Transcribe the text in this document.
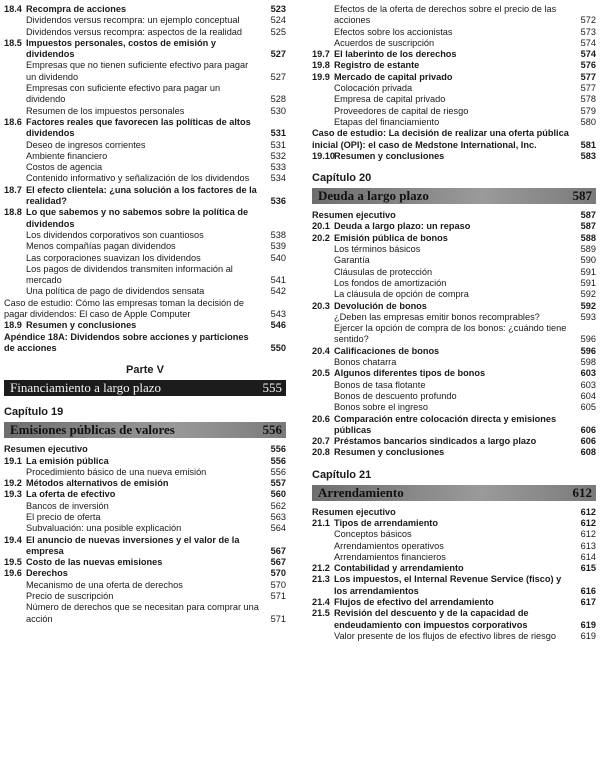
18.4 Recompra de acciones	523
Dividendos versus recompra: un ejemplo conceptual	524
Dividendos versus recompra: aspectos de la realidad	525
18.5 Impuestos personales, costos de emisión y dividendos	527
Empresas que no tienen suficiente efectivo para pagar un dividendo	527
Empresas con suficiente efectivo para pagar un dividendo	528
Resumen de los impuestos personales	530
18.6 Factores reales que favorecen las políticas de altos dividendos	531
Deseo de ingresos corrientes	531
Ambiente financiero	532
Costos de agencia	533
Contenido informativo y señalización de los dividendos	534
18.7 El efecto clientela: ¿una solución a los factores de la realidad?	536
18.8 Lo que sabemos y no sabemos sobre la política de dividendos
Los dividendos corporativos son cuantiosos	538
Menos compañías pagan dividendos	539
Las corporaciones suavizan los dividendos	540
Los pagos de dividendos transmiten información al mercado	541
Una política de pago de dividendos sensata	542
Caso de estudio: Cómo las empresas toman la decisión de pagar dividendos: El caso de Apple Computer	543
18.9 Resumen y conclusiones	546
Apéndice 18A: Dividendos sobre acciones y particiones de acciones	550
Parte V
Financiamiento a largo plazo	555
Capítulo 19
Emisiones públicas de valores	556
Resumen ejecutivo	556
19.1 La emisión pública	556
Procedimiento básico de una nueva emisión	556
19.2 Métodos alternativos de emisión	557
19.3 La oferta de efectivo	560
Bancos de inversión	562
El precio de oferta	563
Subvaluación: una posible explicación	564
19.4 El anuncio de nuevas inversiones y el valor de la empresa	567
19.5 Costo de las nuevas emisiones	567
19.6 Derechos	570
Mecanismo de una oferta de derechos	570
Precio de suscripción	571
Número de derechos que se necesitan para comprar una acción	571
Efectos de la oferta de derechos sobre el precio de las acciones	572
Efectos sobre los accionistas	573
Acuerdos de suscripción	574
19.7 El laberinto de los derechos	574
19.8 Registro de estante	576
19.9 Mercado de capital privado	577
Colocación privada	577
Empresa de capital privado	578
Proveedores de capital de riesgo	579
Etapas del financiamiento	580
Caso de estudio: La decisión de realizar una oferta pública inicial (OPI): el caso de Medstone International, Inc.	581
19.10 Resumen y conclusiones	583
Capítulo 20
Deuda a largo plazo	587
Resumen ejecutivo	587
20.1 Deuda a largo plazo: un repaso	587
20.2 Emisión pública de bonos	588
Los términos básicos	589
Garantía	590
Cláusulas de protección	591
Los fondos de amortización	591
La cláusula de opción de compra	592
20.3 Devolución de bonos	592
¿Deben las empresas emitir bonos recomprables?	593
Ejercer la opción de compra de los bonos: ¿cuándo tiene sentido?	596
20.4 Calificaciones de bonos	596
Bonos chatarra	598
20.5 Algunos diferentes tipos de bonos	603
Bonos de tasa flotante	603
Bonos de descuento profundo	604
Bonos sobre el ingreso	605
20.6 Comparación entre colocación directa y emisiones públicas	606
20.7 Préstamos bancarios sindicados a largo plazo	606
20.8 Resumen y conclusiones	608
Capítulo 21
Arrendamiento	612
Resumen ejecutivo	612
21.1 Tipos de arrendamiento	612
Conceptos básicos	612
Arrendamientos operativos	613
Arrendamientos financieros	614
21.2 Contabilidad y arrendamiento	615
21.3 Los impuestos, el Internal Revenue Service (fisco) y los arrendamientos	616
21.4 Flujos de efectivo del arrendamiento	617
21.5 Revisión del descuento y de la capacidad de endeudamiento con impuestos corporativos	619
Valor presente de los flujos de efectivo libres de riesgo	619
